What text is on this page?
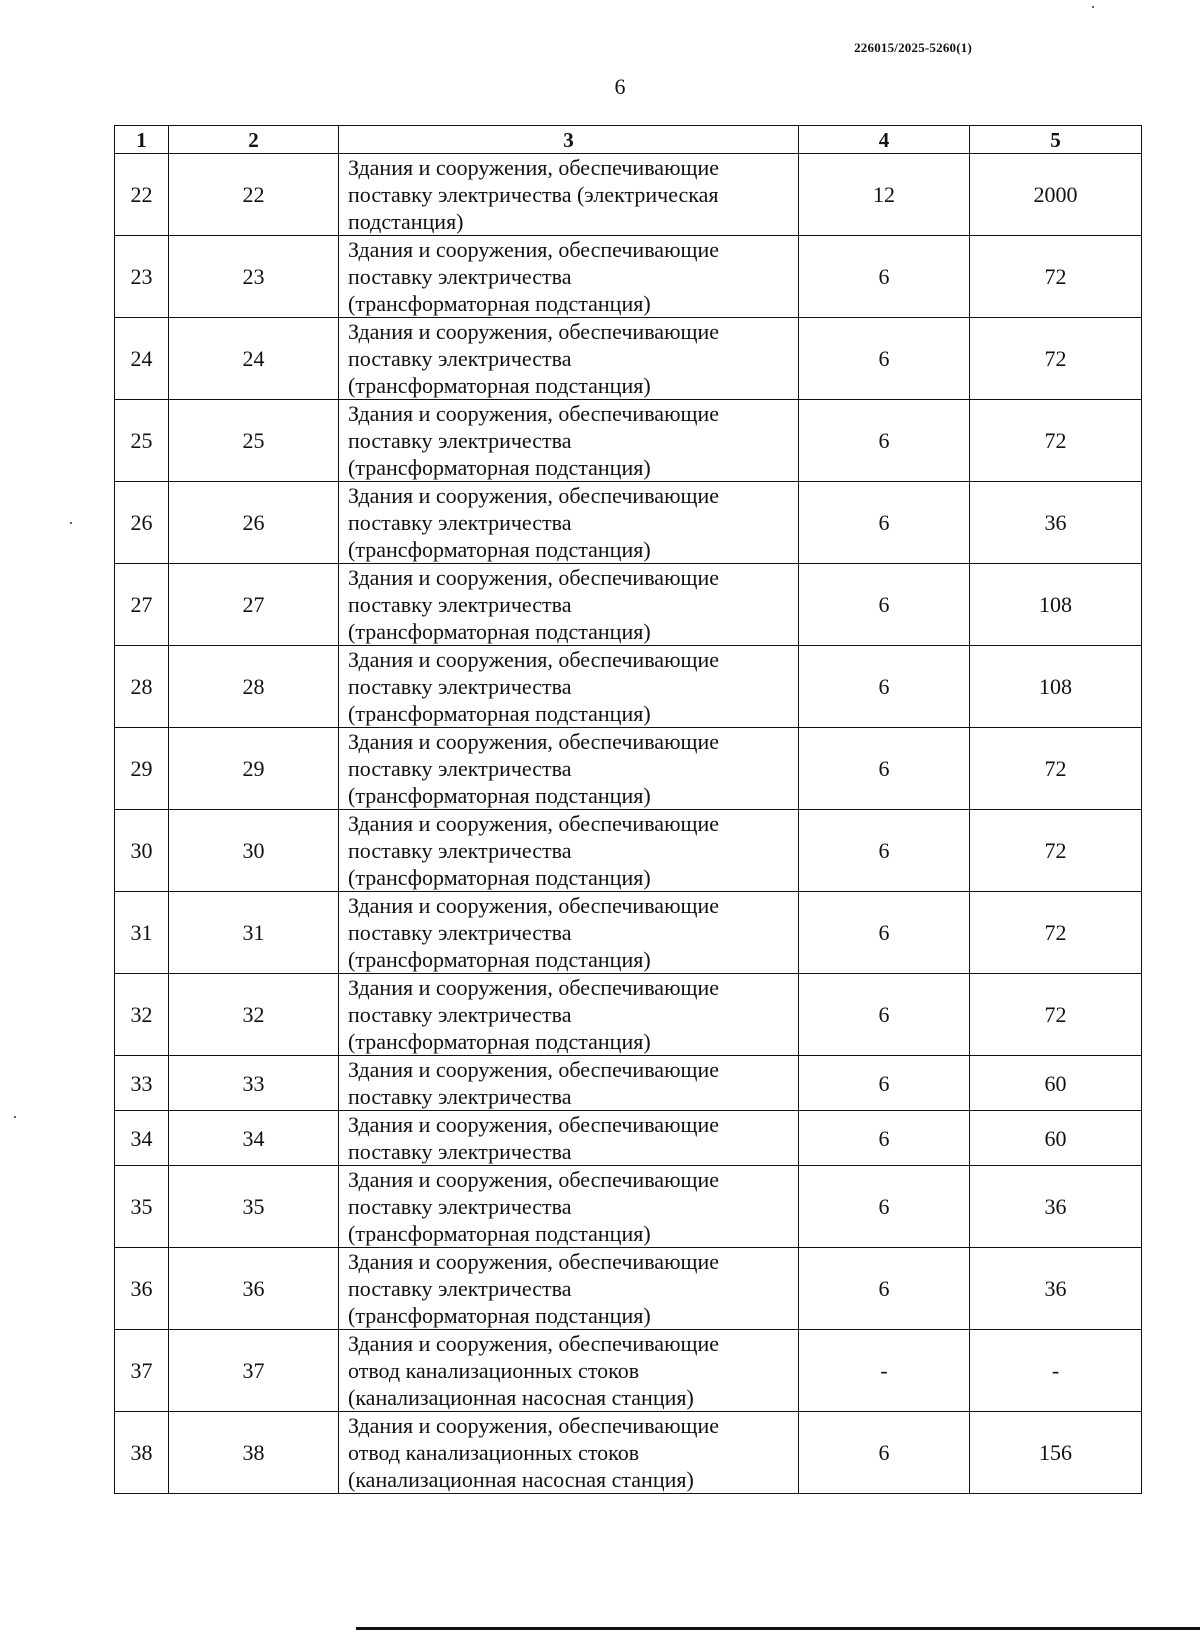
226015/2025-5260(1)
6
1	2	3	4	5
22	22	Здания и сооружения, обеспечивающие
поставку электричества (электрическая
подстанция)	12	2000
23	23	Здания и сооружения, обеспечивающие
поставку электричества
(трансформаторная подстанция)	6	72
24	24	Здания и сооружения, обеспечивающие
поставку электричества
(трансформаторная подстанция)	6	72
25	25	Здания и сооружения, обеспечивающие
поставку электричества
(трансформаторная подстанция)	6	72
26	26	Здания и сооружения, обеспечивающие
поставку электричества
(трансформаторная подстанция)	6	36
27	27	Здания и сооружения, обеспечивающие
поставку электричества
(трансформаторная подстанция)	6	108
28	28	Здания и сооружения, обеспечивающие
поставку электричества
(трансформаторная подстанция)	6	108
29	29	Здания и сооружения, обеспечивающие
поставку электричества
(трансформаторная подстанция)	6	72
30	30	Здания и сооружения, обеспечивающие
поставку электричества
(трансформаторная подстанция)	6	72
31	31	Здания и сооружения, обеспечивающие
поставку электричества
(трансформаторная подстанция)	6	72
32	32	Здания и сооружения, обеспечивающие
поставку электричества
(трансформаторная подстанция)	6	72
33	33	Здания и сооружения, обеспечивающие
поставку электричества	6	60
34	34	Здания и сооружения, обеспечивающие
поставку электричества	6	60
35	35	Здания и сооружения, обеспечивающие
поставку электричества
(трансформаторная подстанция)	6	36
36	36	Здания и сооружения, обеспечивающие
поставку электричества
(трансформаторная подстанция)	6	36
37	37	Здания и сооружения, обеспечивающие
отвод канализационных стоков
(канализационная насосная станция)	-	-
38	38	Здания и сооружения, обеспечивающие
отвод канализационных стоков
(канализационная насосная станция)	6	156
